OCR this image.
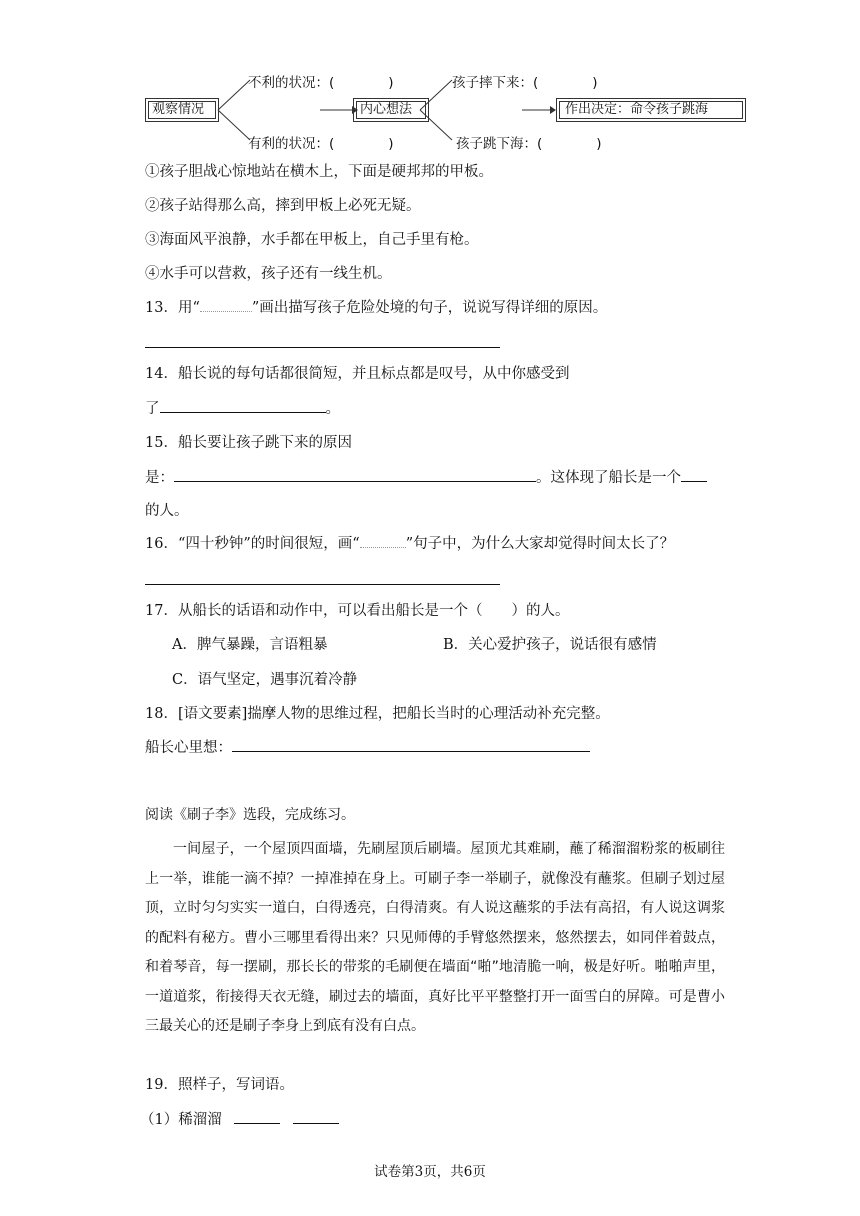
观察情况	内心想法	作出决定：命令孩子跳海
不利的状况：(　　　　)
有利的状况：(　　　　)
孩子摔下来：(　　　　)
孩子跳下海：(　　　　)
①孩子胆战心惊地站在横木上，下面是硬邦邦的甲板。
②孩子站得那么高，摔到甲板上必死无疑。
③海面风平浪静，水手都在甲板上，自己手里有枪。
④水手可以营救，孩子还有一线生机。
13．用“	”画出描写孩子危险处境的句子，说说写得详细的原因。
14．船长说的每句话都很简短，并且标点都是叹号，从中你感受到
了	。
15．船长要让孩子跳下来的原因
是：	。这体现了船长是一个
的人。
16．“四十秒钟”的时间很短，画“	”句子中，为什么大家却觉得时间太长了？
17．从船长的话语和动作中，可以看出船长是一个（　　）的人。
A．脾气暴躁，言语粗暴	B．关心爱护孩子，说话很有感情
C．语气坚定，遇事沉着冷静
18．[语文要素]揣摩人物的思维过程，把船长当时的心理活动补充完整。
船长心里想：
阅读《刷子李》选段，完成练习。
一间屋子，一个屋顶四面墙，先刷屋顶后刷墙。屋顶尤其难刷，蘸了稀溜溜粉浆的板刷往上一举，谁能一滴不掉？一掉准掉在身上。可刷子李一举刷子，就像没有蘸浆。但刷子划过屋顶，立时匀匀实实一道白，白得透亮，白得清爽。有人说这蘸浆的手法有高招，有人说这调浆的配料有秘方。曹小三哪里看得出来？只见师傅的手臂悠然摆来，悠然摆去，如同伴着鼓点，和着琴音，每一摆刷，那长长的带浆的毛刷便在墙面“啪”地清脆一响，极是好听。啪啪声里，一道道浆，衔接得天衣无缝，刷过去的墙面，真好比平平整整打开一面雪白的屏障。可是曹小三最关心的还是刷子李身上到底有没有白点。
19．照样子，写词语。
（1）稀溜溜
试卷第3页，共6页
